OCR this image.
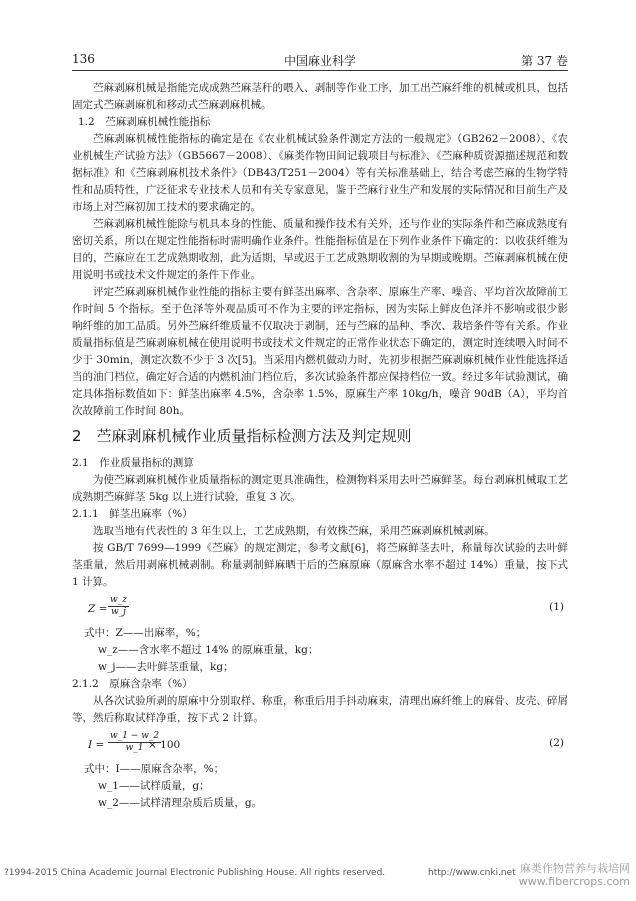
136	中国麻业科学	第 37 卷

苎麻剥麻机械是指能完成成熟苎麻茎秆的喂入、剥制等作业工序，加工出苎麻纤维的机械或机具，包括固定式苎麻剥麻机和移动式苎麻剥麻机械。

1.2　苎麻剥麻机械性能指标

苎麻剥麻机械性能指标的确定是在《农业机械试验条件测定方法的一般规定》（GB262－2008）、《农业机械生产试验方法》（GB5667－2008）、《麻类作物田间记载项目与标准》、《苎麻种质资源描述规范和数据标准》和《苎麻剥麻机技术条件》（DB43/T251－2004）等有关标准基础上，结合考虑苎麻的生物学特性和品质特性，广泛征求专业技术人员和有关专家意见，鉴于苎麻行业生产和发展的实际情况和目前生产及市场上对苎麻初加工技术的要求确定的。

苎麻剥麻机械性能除与机具本身的性能、质量和操作技术有关外，还与作业的实际条件和苎麻成熟度有密切关系，所以在规定性能指标时需明确作业条件。性能指标值是在下列作业条件下确定的：以收获纤维为目的，苎麻应在工艺成熟期收割，此为适期，早或迟于工艺成熟期收割的为早期或晚期。苎麻剥麻机械在使用说明书或技术文件规定的条件下作业。

评定苎麻剥麻机械作业性能的指标主要有鲜茎出麻率、含杂率、原麻生产率、噪音、平均首次故障前工作时间 5 个指标。至于色泽等外观品质可不作为主要的评定指标，因为实际上鲜皮色泽并不影响或很少影响纤维的加工品质。另外苎麻纤维质量不仅取决于剥制，还与苎麻的品种、季次、栽培条件等有关系。作业质量指标值是苎麻剥麻机械在使用说明书或技术文件规定的正常作业状态下确定的，测定时连续喂入时间不少于 30min，测定次数不少于 3 次[5]。当采用内燃机做动力时，先初步根据苎麻剥麻机械作业性能选择适当的油门档位，确定好合适的内燃机油门档位后，多次试验条件都应保持档位一致。经过多年试验测试，确定具体指标数值如下：鲜茎出麻率 4.5%，含杂率 1.5%，原麻生产率 10kg/h，噪音 90dB（A），平均首次故障前工作时间 80h。

2　苎麻剥麻机械作业质量指标检测方法及判定规则

2.1　作业质量指标的测算

为使苎麻剥麻机械作业质量指标的测定更具准确性，检测物料采用去叶苎麻鲜茎。每台剥麻机械取工艺成熟期苎麻鲜茎 5kg 以上进行试验，重复 3 次。

2.1.1　鲜茎出麻率（%）

选取当地有代表性的 3 年生以上，工艺成熟期，有效株苎麻，采用苎麻剥麻机械剥麻。

按 GB/T 7699—1999《苎麻》的规定测定，参考文献[6]，将苎麻鲜茎去叶，称量每次试验的去叶鲜茎重量，然后用剥麻机械剥制。称量剥制鲜麻晒干后的苎麻原麻（原麻含水率不超过 14%）重量，按下式 1 计算。

$Z = \frac{w\_z}{w\_j}$	(1)

式中：Z——出麻率，%；

w_z——含水率不超过 14% 的原麻重量，kg；

w_j——去叶鲜茎重量，kg；

2.1.2　原麻含杂率（%）

从各次试验所剥的原麻中分别取样、称重，称重后用手抖动麻束，清理出麻纤维上的麻骨、皮壳、碎屑等，然后称取试样净重，按下式 2 计算。

$I = \frac{w\_1 - w\_2}{w\_1}$
× 100	(2)

式中：I——原麻含杂率，%；

w_1——试样质量，g；

w_2——试样清理杂质后质量，g。

?1994-2015 China Academic Journal Electronic Publishing House. All rights reserved.	http://www.cnki.net 麻类作物营养与栽培网
www.fibercrops.com
